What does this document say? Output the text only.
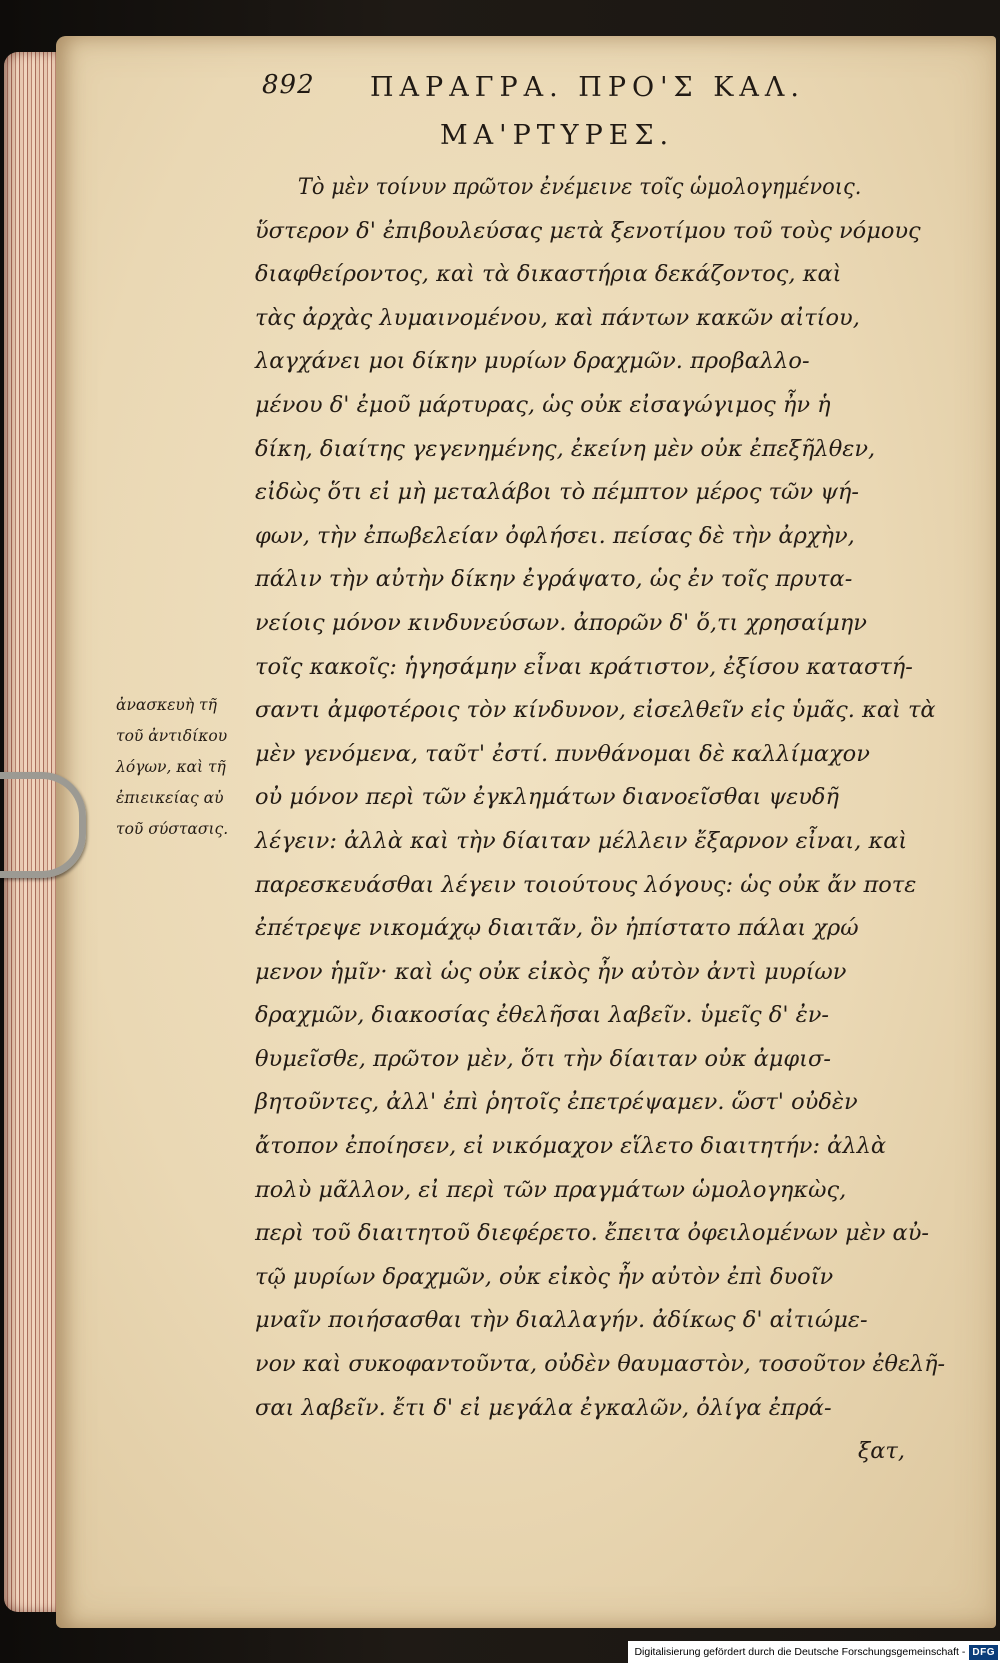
892 ΠΑΡΑΓΡΑ. ΠΡΟ'Σ ΚΑΛ.
ΜΑ'ΡΤΥΡΕΣ.
Τὸ μὲν τοίνυν πρῶτον ἐνέμεινε τοῖς ὡμολογημένοις.
ὕστερον δ' ἐπιβουλεύσας μετὰ ξενοτίμου τοῦ τοὺς νόμους
διαφθείροντος, καὶ τὰ δικαστήρια δεκάζοντος, καὶ
τὰς ἀρχὰς λυμαινομένου, καὶ πάντων κακῶν αἰτίου,
λαγχάνει μοι δίκην μυρίων δραχμῶν. προβαλλο-
μένου δ' ἐμοῦ μάρτυρας, ὡς οὐκ εἰσαγώγιμος ἦν ἡ
δίκη, διαίτης γεγενημένης, ἐκείνη μὲν οὐκ ἐπεξῆλθεν,
εἰδὼς ὅτι εἰ μὴ μεταλάβοι τὸ πέμπτον μέρος τῶν ψή-
φων, τὴν ἐπωβελείαν ὀφλήσει. πείσας δὲ τὴν ἀρχὴν,
πάλιν τὴν αὐτὴν δίκην ἐγράψατο, ὡς ἐν τοῖς πρυτα-
νείοις μόνον κινδυνεύσων. ἀπορῶν δ' ὅ,τι χρησαίμην
τοῖς κακοῖς: ἡγησάμην εἶναι κράτιστον, ἐξίσου καταστή-
σαντι ἀμφοτέροις τὸν κίνδυνον, εἰσελθεῖν εἰς ὑμᾶς. καὶ τὰ
μὲν γενόμενα, ταῦτ' ἐστί. πυνθάνομαι δὲ καλλίμαχον
οὐ μόνον περὶ τῶν ἐγκλημάτων διανοεῖσθαι ψευδῆ
λέγειν: ἀλλὰ καὶ τὴν δίαιταν μέλλειν ἔξαρνον εἶναι, καὶ
παρεσκευάσθαι λέγειν τοιούτους λόγους: ὡς οὐκ ἄν ποτε
ἐπέτρεψε νικομάχῳ διαιτᾶν, ὃν ἠπίστατο πάλαι χρώ
μενον ἡμῖν· καὶ ὡς οὐκ εἰκὸς ἦν αὐτὸν ἀντὶ μυρίων
δραχμῶν, διακοσίας ἐθελῆσαι λαβεῖν. ὑμεῖς δ' ἐν-
θυμεῖσθε, πρῶτον μὲν, ὅτι τὴν δίαιταν οὐκ ἀμφισ-
βητοῦντες, ἀλλ' ἐπὶ ῥητοῖς ἐπετρέψαμεν. ὥστ' οὐδὲν
ἄτοπον ἐποίησεν, εἰ νικόμαχον εἵλετο διαιτητήν: ἀλλὰ
πολὺ μᾶλλον, εἰ περὶ τῶν πραγμάτων ὡμολογηκὼς,
περὶ τοῦ διαιτητοῦ διεφέρετο. ἔπειτα ὀφειλομένων μὲν αὐ-
τῷ μυρίων δραχμῶν, οὐκ εἰκὸς ἦν αὐτὸν ἐπὶ δυοῖν
μναῖν ποιήσασθαι τὴν διαλλαγήν. ἀδίκως δ' αἰτιώμε-
νον καὶ συκοφαντοῦντα, οὐδὲν θαυμαστὸν, τοσοῦτον ἐθελῆ-
σαι λαβεῖν. ἔτι δ' εἰ μεγάλα ἐγκαλῶν, ὀλίγα ἐπρά-
ξατ,
ἀνασκευὴ τῆ
τοῦ ἀντιδίκου
λόγων, καὶ τῆ
ἐπιεικείας αὐ
τοῦ σύστασις.
Digitalisierung gefördert durch die Deutsche Forschungsgemeinschaft - DFG
